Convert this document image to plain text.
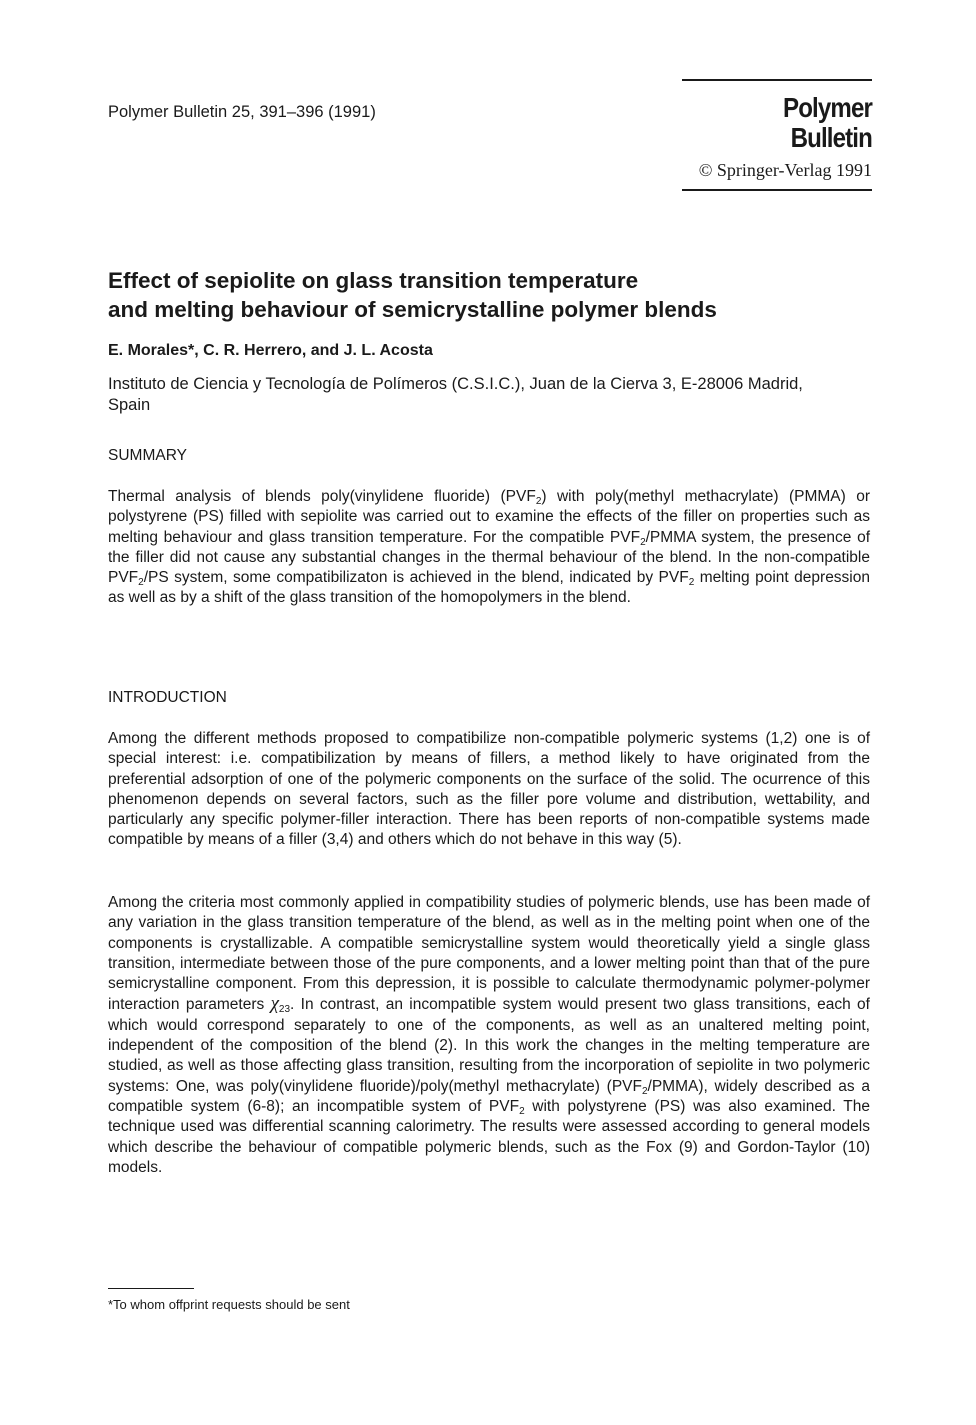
Polymer Bulletin 25, 391–396 (1991)	Polymer Bulletin
© Springer-Verlag 1991
Effect of sepiolite on glass transition temperature
and melting behaviour of semicrystalline polymer blends
E. Morales*, C. R. Herrero, and J. L. Acosta
Instituto de Ciencia y Tecnología de Polímeros (C.S.I.C.), Juan de la Cierva 3, E-28006 Madrid, Spain
SUMMARY

Thermal analysis of blends poly(vinylidene fluoride) $(PVF_2)$ with poly(methyl methacrylate) (PMMA) or polystyrene (PS) filled with sepiolite was carried out to examine the effects of the filler on properties such as melting behaviour and glass transition temperature. For the compatible $PVF_2$/PMMA system, the presence of the filler did not cause any substantial changes in the thermal behaviour of the blend. In the non-compatible $PVF_2/PS$ system, some compatibilizaton is achieved in the blend, indicated by $PVF_2$ melting point depression as well as by a shift of the glass transition of the homopolymers in the blend.

INTRODUCTION

Among the different methods proposed to compatibilize non-compatible polymeric systems (1,2) one is of special interest: i.e. compatibilization by means of fillers, a method likely to have originated from the preferential adsorption of one of the polymeric components on the surface of the solid. The ocurrence of this phenomenon depends on several factors, such as the filler pore volume and distribution, wettability, and particularly any specific polymer-filler interaction. There has been reports of non-compatible systems made compatible by means of a filler (3,4) and others which do not behave in this way (5).

Among the criteria most commonly applied in compatibility studies of polymeric blends, use has been made of any variation in the glass transition temperature of the blend, as well as in the melting point when one of the components is crystallizable. A compatible semicrystalline system would theoretically yield a single glass transition, intermediate between those of the pure components, and a lower melting point than that of the pure semicrystalline component. From this depression, it is possible to calculate thermodynamic polymer-polymer interaction parameters $\chi_{23}$. In contrast, an incompatible system would present two glass transitions, each of which would correspond separately to one of the components, as well as an unaltered melting point, independent of the composition of the blend (2). In this work the changes in the melting temperature are studied, as well as those affecting glass transition, resulting from the incorporation of sepiolite in two polymeric systems: One, was poly(vinylidene fluoride)/poly(methyl methacrylate) $(PVF_2/PMMA)$, widely described as a compatible system (6-8); an incompatible system of $PVF_2$ with polystyrene (PS) was also examined. The technique used was differential scanning calorimetry. The results were assessed according to general models which describe the behaviour of compatible polymeric blends, such as the Fox (9) and Gordon-Taylor (10) models.

*To whom offprint requests should be sent
